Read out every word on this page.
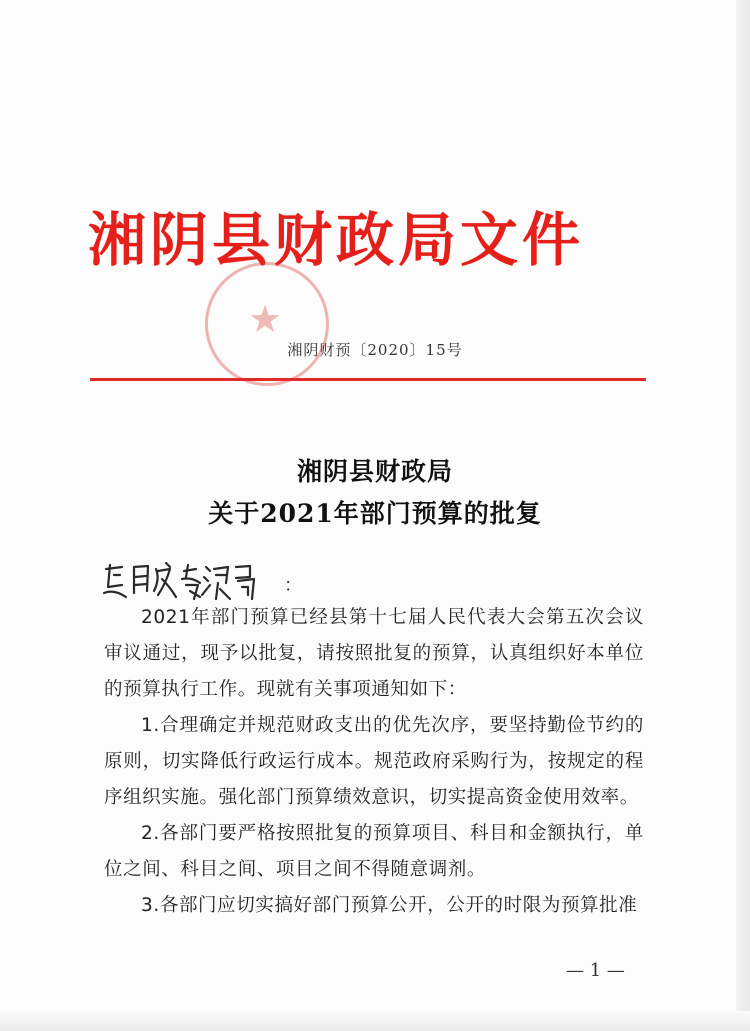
湘阴县财政局文件
★
湘阴财预〔2020〕15号
湘阴县财政局
关于2021年部门预算的批复
：
2021年部门预算已经县第十七届人民代表大会第五次会议审议通过，现予以批复，请按照批复的预算，认真组织好本单位的预算执行工作。现就有关事项通知如下：
1.合理确定并规范财政支出的优先次序，要坚持勤俭节约的原则，切实降低行政运行成本。规范政府采购行为，按规定的程序组织实施。强化部门预算绩效意识，切实提高资金使用效率。
2.各部门要严格按照批复的预算项目、科目和金额执行，单位之间、科目之间、项目之间不得随意调剂。
3.各部门应切实搞好部门预算公开，公开的时限为预算批准
— 1 —
